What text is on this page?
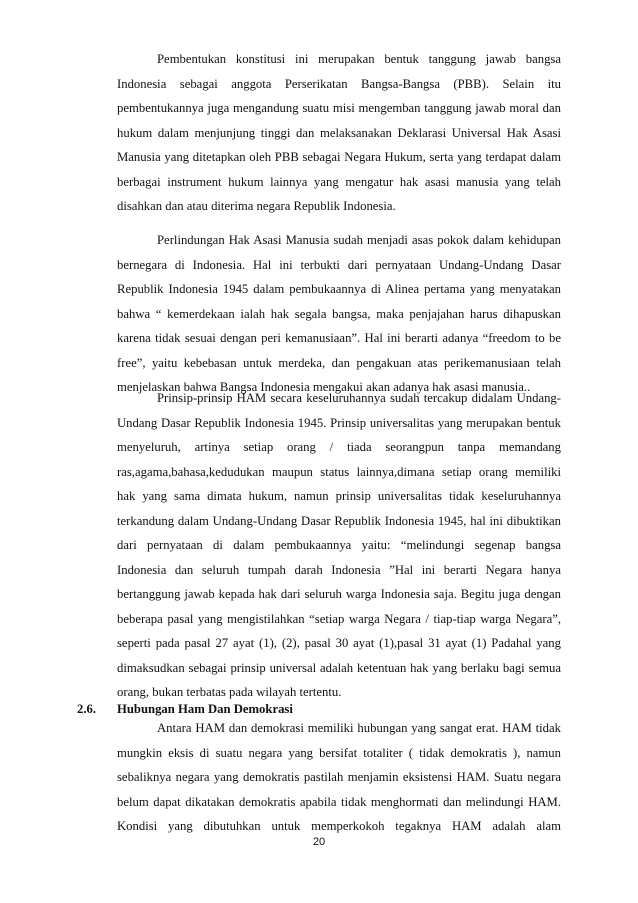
Pembentukan konstitusi ini merupakan bentuk tanggung jawab bangsa
Indonesia sebagai anggota Perserikatan Bangsa-Bangsa (PBB). Selain itu
pembentukannya juga mengandung suatu misi mengemban tanggung jawab moral dan
hukum dalam menjunjung tinggi dan melaksanakan Deklarasi Universal Hak Asasi
Manusia yang ditetapkan oleh PBB sebagai Negara Hukum, serta yang terdapat dalam
berbagai instrument hukum lainnya yang mengatur hak asasi manusia yang telah
disahkan dan atau diterima negara Republik Indonesia.
Perlindungan Hak Asasi Manusia sudah menjadi asas pokok dalam kehidupan
bernegara di Indonesia. Hal ini terbukti dari pernyataan Undang-Undang Dasar
Republik Indonesia 1945 dalam pembukaannya di Alinea pertama yang menyatakan
bahwa “ kemerdekaan ialah hak segala bangsa, maka penjajahan harus dihapuskan
karena tidak sesuai dengan peri kemanusiaan”. Hal ini berarti adanya “freedom to be
free”, yaitu kebebasan untuk merdeka, dan pengakuan atas perikemanusiaan telah
menjelaskan bahwa Bangsa Indonesia mengakui akan adanya hak asasi manusia..
Prinsip-prinsip HAM secara keseluruhannya sudah tercakup didalam Undang-
Undang Dasar Republik Indonesia 1945. Prinsip universalitas yang merupakan bentuk
menyeluruh, artinya setiap orang / tiada seorangpun tanpa memandang
ras,agama,bahasa,kedudukan maupun status lainnya,dimana setiap orang memiliki
hak yang sama dimata hukum, namun prinsip universalitas tidak keseluruhannya
terkandung dalam Undang-Undang Dasar Republik Indonesia 1945, hal ini dibuktikan
dari pernyataan di dalam pembukaannya yaitu: “melindungi segenap bangsa
Indonesia dan seluruh tumpah darah Indonesia ”Hal ini berarti Negara hanya
bertanggung jawab kepada hak dari seluruh warga Indonesia saja. Begitu juga dengan
beberapa pasal yang mengistilahkan “setiap warga Negara / tiap-tiap warga Negara”,
seperti pada pasal 27 ayat (1), (2), pasal 30 ayat (1),pasal 31 ayat (1) Padahal yang
dimaksudkan sebagai prinsip universal adalah ketentuan hak yang berlaku bagi semua
orang, bukan terbatas pada wilayah tertentu.
2.6. Hubungan Ham Dan Demokrasi
Antara HAM dan demokrasi memiliki hubungan yang sangat erat. HAM tidak
mungkin eksis di suatu negara yang bersifat totaliter ( tidak demokratis ), namun
sebaliknya negara yang demokratis pastilah menjamin eksistensi HAM. Suatu negara
belum dapat dikatakan demokratis apabila tidak menghormati dan melindungi HAM.
Kondisi yang dibutuhkan untuk memperkokoh tegaknya HAM adalah alam
20
